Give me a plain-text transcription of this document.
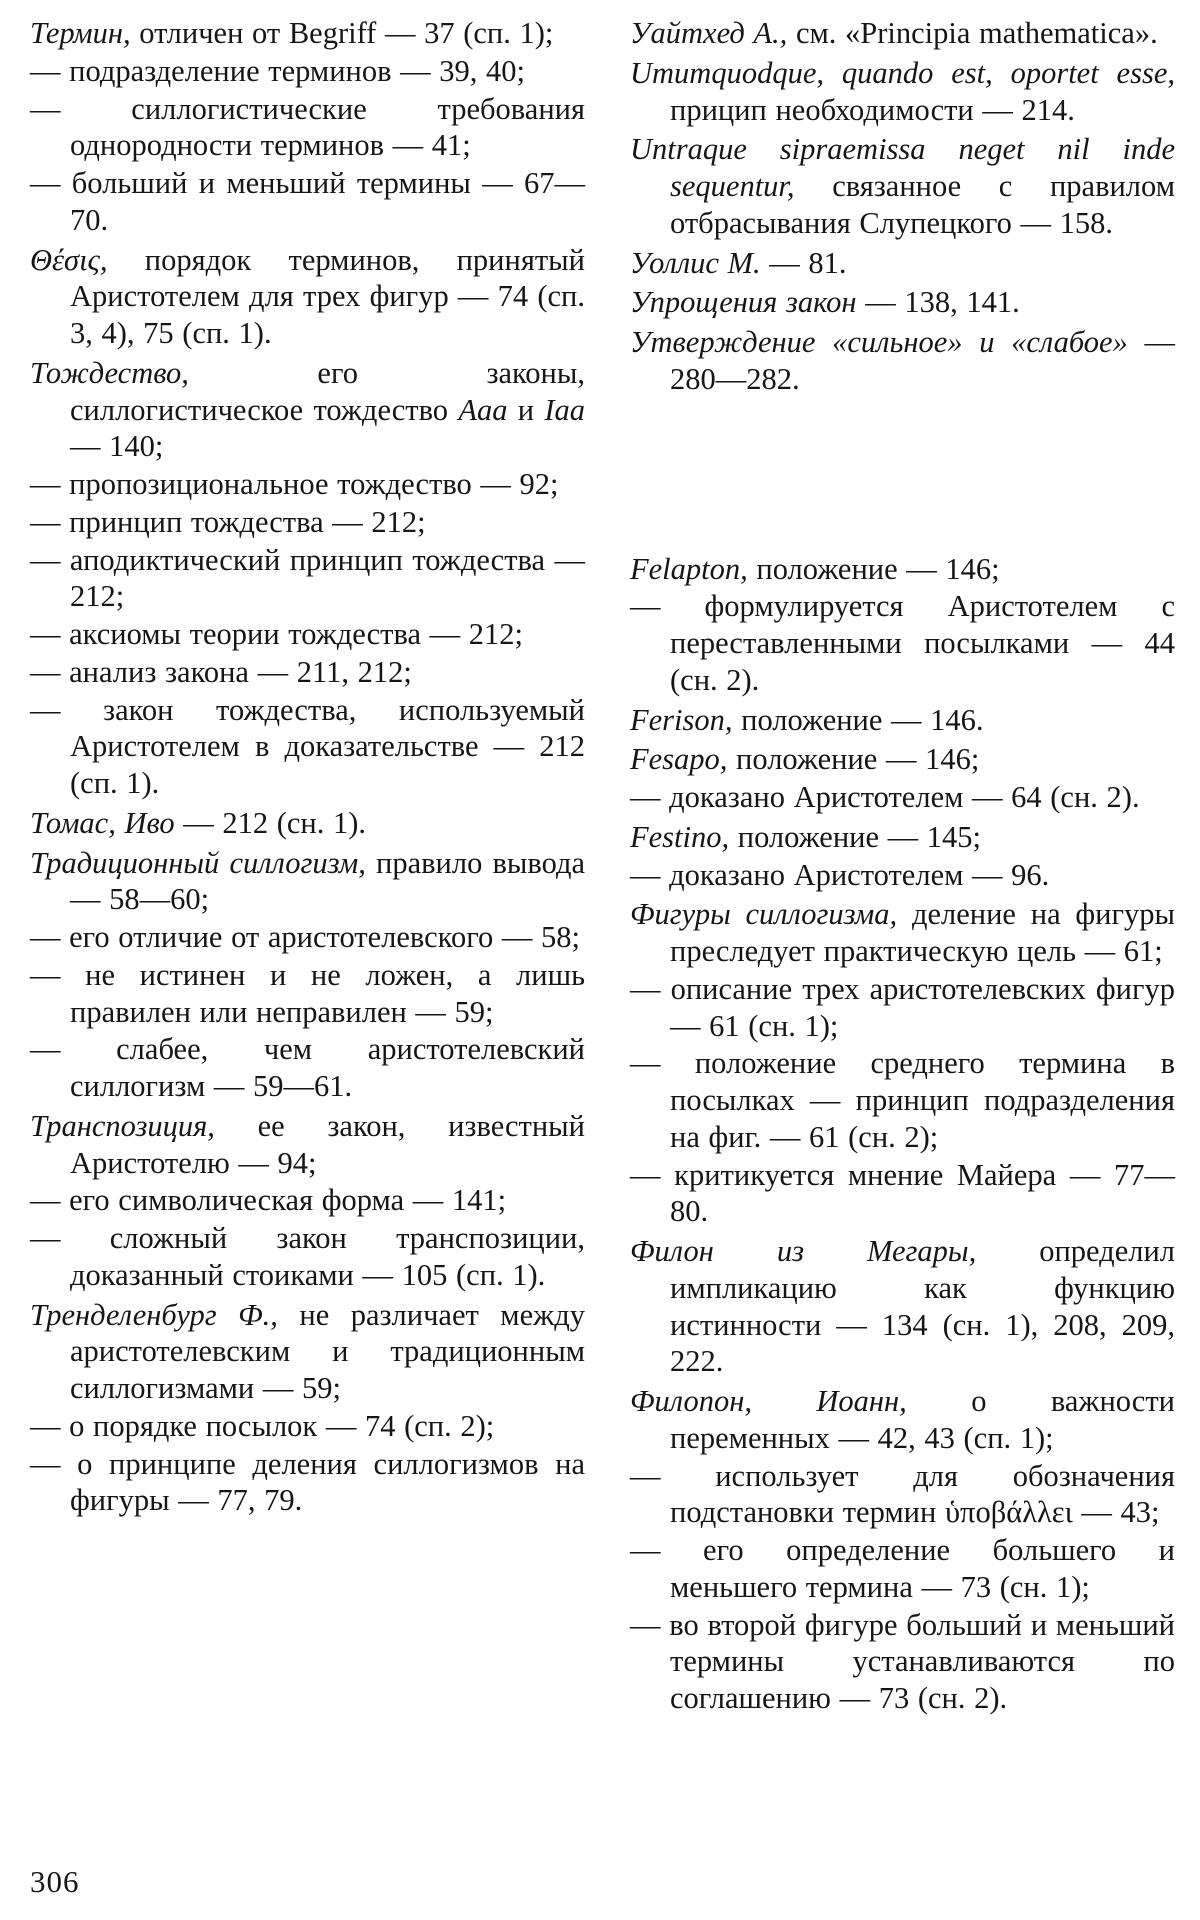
Термин, отличен от Begriff — 37 (сп. 1);
— подразделение терминов — 39, 40;
— силлогистические требования однородности терминов — 41;
— больший и меньший термины — 67—70.
Θέσις, порядок терминов, принятый Аристотелем для трех фигур — 74 (сп. 3, 4), 75 (сп. 1).
Тождество, его законы, силлогистическое тождество Aaa и Iaa — 140;
— пропозициональное тождество — 92;
— принцип тождества — 212;
— аподиктический принцип тождества — 212;
— аксиомы теории тождества — 212;
— анализ закона — 211, 212;
— закон тождества, используемый Аристотелем в доказательстве — 212 (сп. 1).
Томас, Иво — 212 (сн. 1).
Традиционный силлогизм, правило вывода — 58—60;
— его отличие от аристотелевского — 58;
— не истинен и не ложен, а лишь правилен или неправилен — 59;
— слабее, чем аристотелевский силлогизм — 59—61.
Транспозиция, ее закон, известный Аристотелю — 94;
— его символическая форма — 141;
— сложный закон транспозиции, доказанный стоиками — 105 (сп. 1).
Тренделенбург Ф., не различает между аристотелевским и традиционным силлогизмами — 59;
— о порядке посылок — 74 (сп. 2);
— о принципе деления силлогизмов на фигуры — 77, 79.
Уайтхед А., см. «Principia mathematica».
Umumquodque, quando est, oportet esse, прицип необходимости — 214.
Untraque sipraemissa neget nil inde sequentur, связанное с правилом отбрасывания Слупецкого — 158.
Уоллис М. — 81.
Упрощения закон — 138, 141.
Утверждение «сильное» и «слабое» — 280—282.
Felapton, положение — 146;
— формулируется Аристотелем с переставленными посылками — 44 (сн. 2).
Ferison, положение — 146.
Fesapo, положение — 146;
— доказано Аристотелем — 64 (сн. 2).
Festino, положение — 145;
— доказано Аристотелем — 96.
Фигуры силлогизма, деление на фигуры преследует практическую цель — 61;
— описание трех аристотелевских фигур — 61 (сн. 1);
— положение среднего термина в посылках — принцип подразделения на фиг. — 61 (сн. 2);
— критикуется мнение Майера — 77—80.
Филон из Мегары, определил импликацию как функцию истинности — 134 (сн. 1), 208, 209, 222.
Филопон, Иоанн, о важности переменных — 42, 43 (сп. 1);
— использует для обозначения подстановки термин ὑποβάλλει — 43;
— его определение большего и меньшего термина — 73 (сн. 1);
— во второй фигуре больший и меньший термины устанавливаются по соглашению — 73 (сн. 2).
306
